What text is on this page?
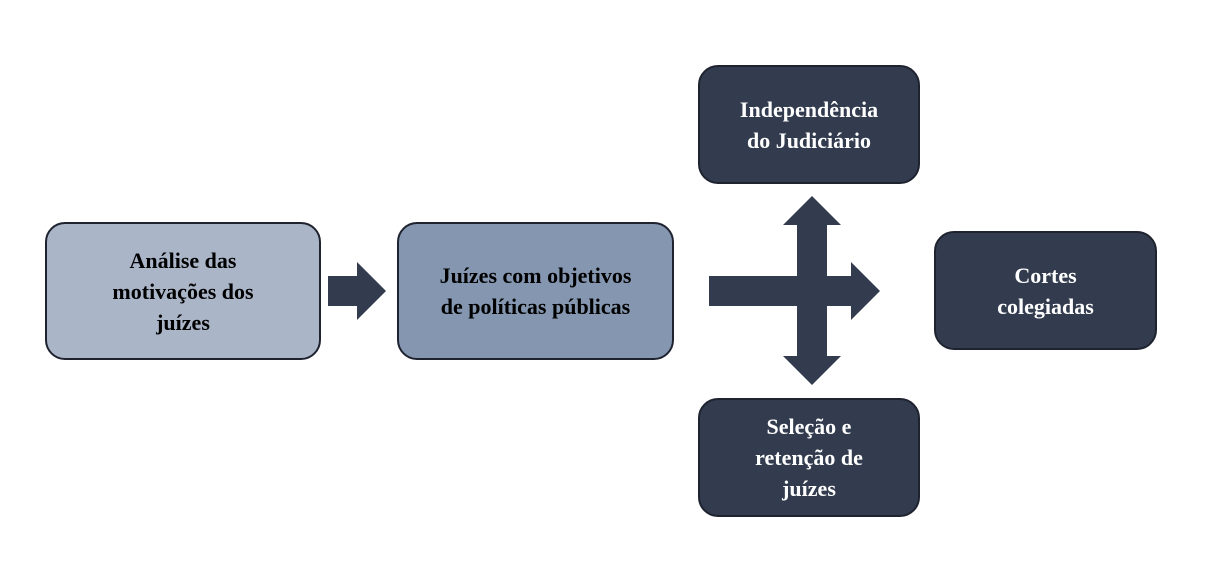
Análise das
motivações dos
juízes
Juízes com objetivos
de políticas públicas
Independência
do Judiciário
Cortes
colegiadas
Seleção e
retenção de
juízes
